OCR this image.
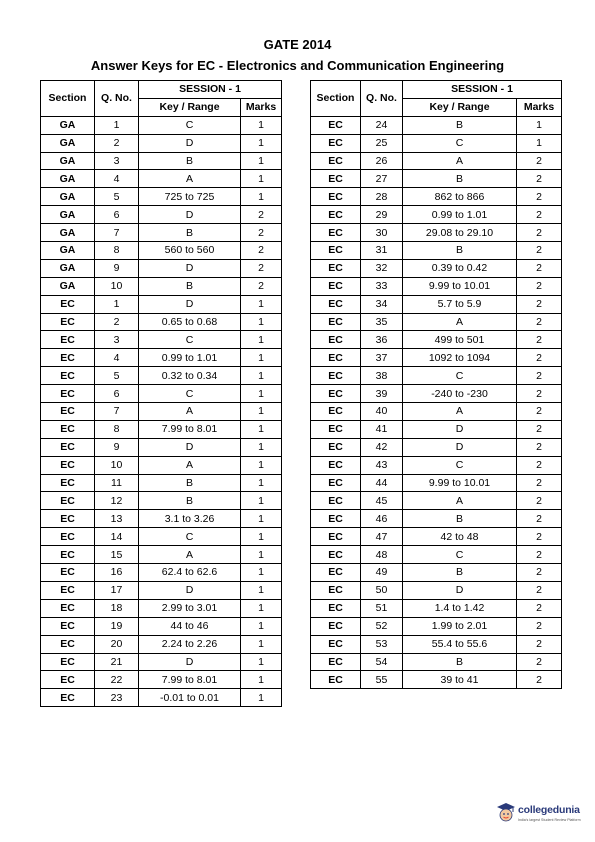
GATE 2014
Answer Keys for EC - Electronics and Communication Engineering
Section	Q. No.	SESSION - 1	
		Key / Range	Marks
GA	1	C	1
GA	2	D	1
GA	3	B	1
GA	4	A	1
GA	5	725 to 725	1
GA	6	D	2
GA	7	B	2
GA	8	560 to 560	2
GA	9	D	2
GA	10	B	2
EC	1	D	1
EC	2	0.65 to 0.68	1
EC	3	C	1
EC	4	0.99 to 1.01	1
EC	5	0.32 to 0.34	1
EC	6	C	1
EC	7	A	1
EC	8	7.99 to 8.01	1
EC	9	D	1
EC	10	A	1
EC	11	B	1
EC	12	B	1
EC	13	3.1 to 3.26	1
EC	14	C	1
EC	15	A	1
EC	16	62.4 to 62.6	1
EC	17	D	1
EC	18	2.99 to 3.01	1
EC	19	44 to 46	1
EC	20	2.24 to 2.26	1
EC	21	D	1
EC	22	7.99 to 8.01	1
EC	23	-0.01 to 0.01	1
Section	Q. No.	SESSION - 1	
		Key / Range	Marks
EC	24	B	1
EC	25	C	1
EC	26	A	2
EC	27	B	2
EC	28	862 to 866	2
EC	29	0.99 to 1.01	2
EC	30	29.08 to 29.10	2
EC	31	B	2
EC	32	0.39 to 0.42	2
EC	33	9.99 to 10.01	2
EC	34	5.7 to 5.9	2
EC	35	A	2
EC	36	499 to 501	2
EC	37	1092 to 1094	2
EC	38	C	2
EC	39	-240 to -230	2
EC	40	A	2
EC	41	D	2
EC	42	D	2
EC	43	C	2
EC	44	9.99 to 10.01	2
EC	45	A	2
EC	46	B	2
EC	47	42 to 48	2
EC	48	C	2
EC	49	B	2
EC	50	D	2
EC	51	1.4 to 1.42	2
EC	52	1.99 to 2.01	2
EC	53	55.4 to 55.6	2
EC	54	B	2
EC	55	39 to 41	2
collegedunia
India's largest Student Review Platform
